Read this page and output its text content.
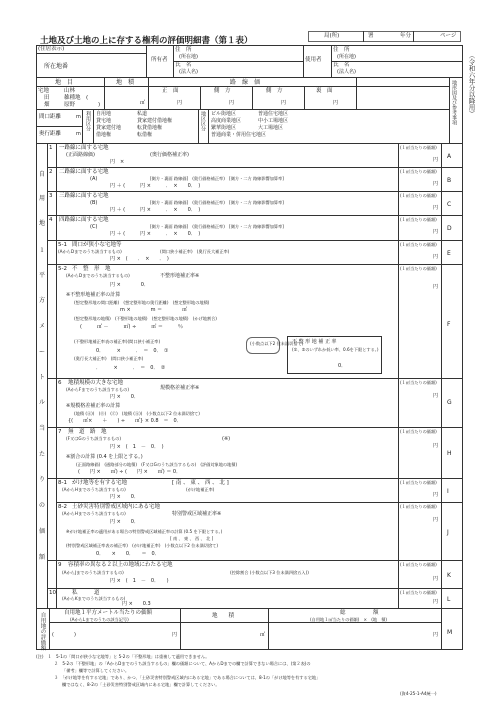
土地及び土地の上に存する権利の評価明細書（第１表）	局(所)	署	年分	ページ
（令和六年分以降用）
(住居表示)
所在地番
所有者
住　所
(所在地)
氏　名
(法人名)
使用者
住　所
(所在地)
氏　名
(法人名)
地　目	地　積	路　線　価
正　面	側　方	側　方	裏　面
㎡	円	円	円	円	地形図及び参考事項
宅地	山林
田	雑種地
畑	原野
(
)
間口距離
奥行距離
m
m
利用区分	地区区分
自用地
貸宅地
貸家建付地
借地権
私道
貸家建付借地権
転貸借地権
転借権
ビル街地区
高度商業地区
繁華街地区
普通商業・併用住宅地区
普通住宅地区
中小工場地区
大工場地区
自
用
地
１
平
方
メ
ー
ト
ル
当
た
り
の
価
額
1 一路線に面する宅地
(正面路線価)	(奥行価格補正率)
円　×
(１㎡当たりの価額)
円 A
2 二路線に面する宅地
(A)	[側方・裏面 路線価]　(奥行価格補正率)　[側方・二方 路線影響加算率]
円 ＋ (　　　円 ×　　　．　×　　0．　)
(１㎡当たりの価額)
円 B
3 三路線に面する宅地
(B)	[側方・裏面 路線価]　(奥行価格補正率)　[側方・二方 路線影響加算率]
円 ＋ (　　　円 ×　　　．　×　　0．　)
(１㎡当たりの価額)
円 C
4 四路線に面する宅地
(C)	[側方・裏面 路線価]　(奥行価格補正率)　[側方・二方 路線影響加算率]
円 ＋ (　　　円 ×　　　．　×　　0．　)
(１㎡当たりの価額)
円 D
5-1 間口が狭小な宅地等
(AからDまでのうち該当するもの)	(間口狭小補正率)　(奥行長大補正率)
円 ×　(　　．　×　　．　)
(１㎡当たりの価額)
円 E
5-2 不　整　形　地
(AからDまでのうち該当するもの)	不整形地補正率※
円 ×　　　　0．
※不整形地補正率の計算
(想定整形地の間口距離)　(想定整形地の奥行距離)　(想定整形地の地積)
m ×　　　　m ＝　　　　㎡
(想定整形地の地積)　(不整形地の地積)　(想定整形地の地積)　(かげ地割合)
(　　　㎡ －　　　㎡) ÷　　　㎡ ＝　　　％
(不整形地補正率表の補正率)(間口狭小補正率)
0．　　　×　　　．　＝　0．　①
(奥行長大補正率)　(間口狭小補正率)
．　　　×　　　．　＝　0．　②
(小数点以下2 位未満切捨て)
不 整 形 地 補 正 率
(①、②のいずれか低い率、0.6を下限とする。)
0．
(１㎡当たりの価額)
円
F
6 地積規模の大きな宅地
(AからFまでのうち該当するもの)	規模格差補正率※
円 ×　　0．
※規模格差補正率の計算
(地積 (Ⓐ))　(Ⓑ)　(Ⓒ)　(地積 (Ⓐ))　(小数点以下2 位未満切捨て)
{(　　㎡×　　＋　　) ÷　　㎡} × 0.8　＝　0．
(１㎡当たりの価額)
円
G
7 無　道　路　地
(F又はGのうち該当するもの)	(※)
円 ×　(　1　－　0．　)
※割合の計算 (0.4 を上限とする。)
(正面路線価)　(通路部分の地積)　(F又はGのうち該当するもの)　(評価対象地の地積)
(　　円 ×　　㎡) ÷ (　　円 ×　　㎡) ＝ 0．
(１㎡当たりの価額)
円
H
8-1 がけ地等を有する宅地	[ 南 、 東 、 西 、 北 ]
(AからHまでのうち該当するもの)	(がけ地補正率)
円 ×　　0．
(１㎡当たりの価額)
円 I
8-2 土砂災害特別警戒区域内にある宅地
(AからHまでのうち該当するもの)	特別警戒区域補正率※
円 ×　　0．
※がけ地補正率の適用がある場合の特別警戒区域補正率の計算 (0.5 を下限とする。)
[ 南 、 東 、 西 、 北 ]
(特別警戒区域補正率表の補正率)　(がけ地補正率)　(小数点以下2 位未満切捨て)
0．　　×　　0．　　＝　0．
(１㎡当たりの価額)
円
J
9 容積率の異なる２以上の地域にわたる宅地
(AからJまでのうち該当するもの)	(控除割合 (小数点以下3 位未満四捨五入))
円 ×　(　1　－　0．　　)
(１㎡当たりの価額)
円 K
10	私　　　道
(AからKまでのうち該当するもの)
円 ×　　0.3
(１㎡当たりの価額)
円 L
自用地の評価額	自用地１平方メートル当たりの価額
(AからLまでのうちの該当記号)
地　　積	総　　　　　額
(自用地１㎡当たりの価額)　×　(地　積)
(　　　　)	円	㎡	円 M
(注)　１　5-1の「間口が狭小な宅地等」と 5-2の「不整形地」は重複して適用できません。
２　5-2の「不整形地」の「AからDまでのうち該当するもの」欄の価額について、AからDまでの欄で計算できない場合には、(第２表)の
「備考」欄等で計算してください。
３　「がけ地等を有する宅地」であり、かつ、「土砂災害特別警戒区域内にある宅地」である場合については、8-1の「がけ地等を有する宅地」
欄ではなく、8-2の「土砂災害特別警戒区域内にある宅地」欄で計算してください。
(資4-25-1-A4統一)
